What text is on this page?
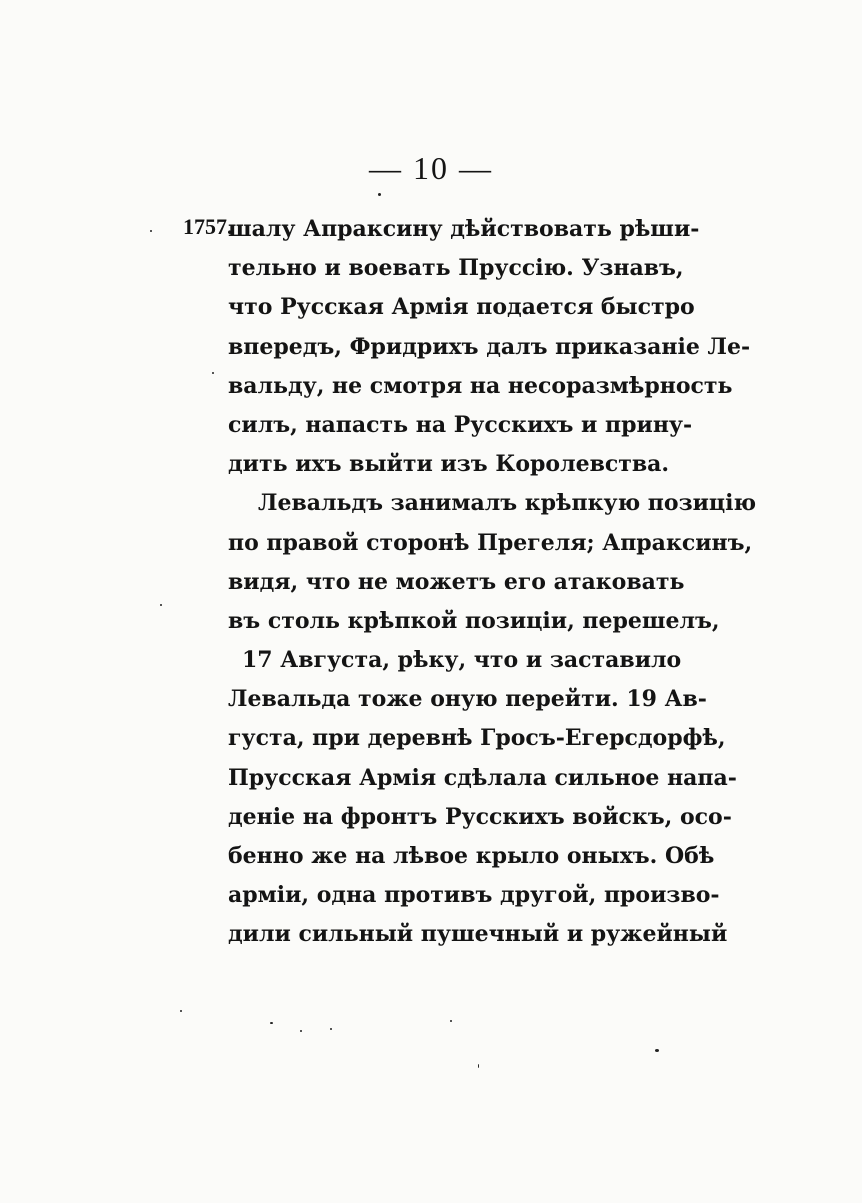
— 10 —
1757.
шалу Апраксину дѣйствовать рѣши-
тельно и воевать Пруссію. Узнавъ,
что Русская Армія подается быстро
впередъ, Фридрихъ далъ приказаніе Ле-
вальду, не смотря на несоразмѣрность
силъ, напасть на Русскихъ и прину-
дить ихъ выйти изъ Королевства.
Левальдъ занималъ крѣпкую позицію
по правой сторонѣ Прегеля; Апраксинъ,
видя, что не можетъ его атаковать
въ столь крѣпкой позиціи, перешелъ,
17 Августа, рѣку, что и заставило
Левальда тоже оную перейти. 19 Ав-
густа, при деревнѣ Гросъ-Егерсдорфѣ,
Прусская Армія сдѣлала сильное напа-
деніе на фронтъ Русскихъ войскъ, осо-
бенно же на лѣвое крыло оныхъ. Обѣ
арміи, одна противъ другой, произво-
дили сильный пушечный и ружейный
